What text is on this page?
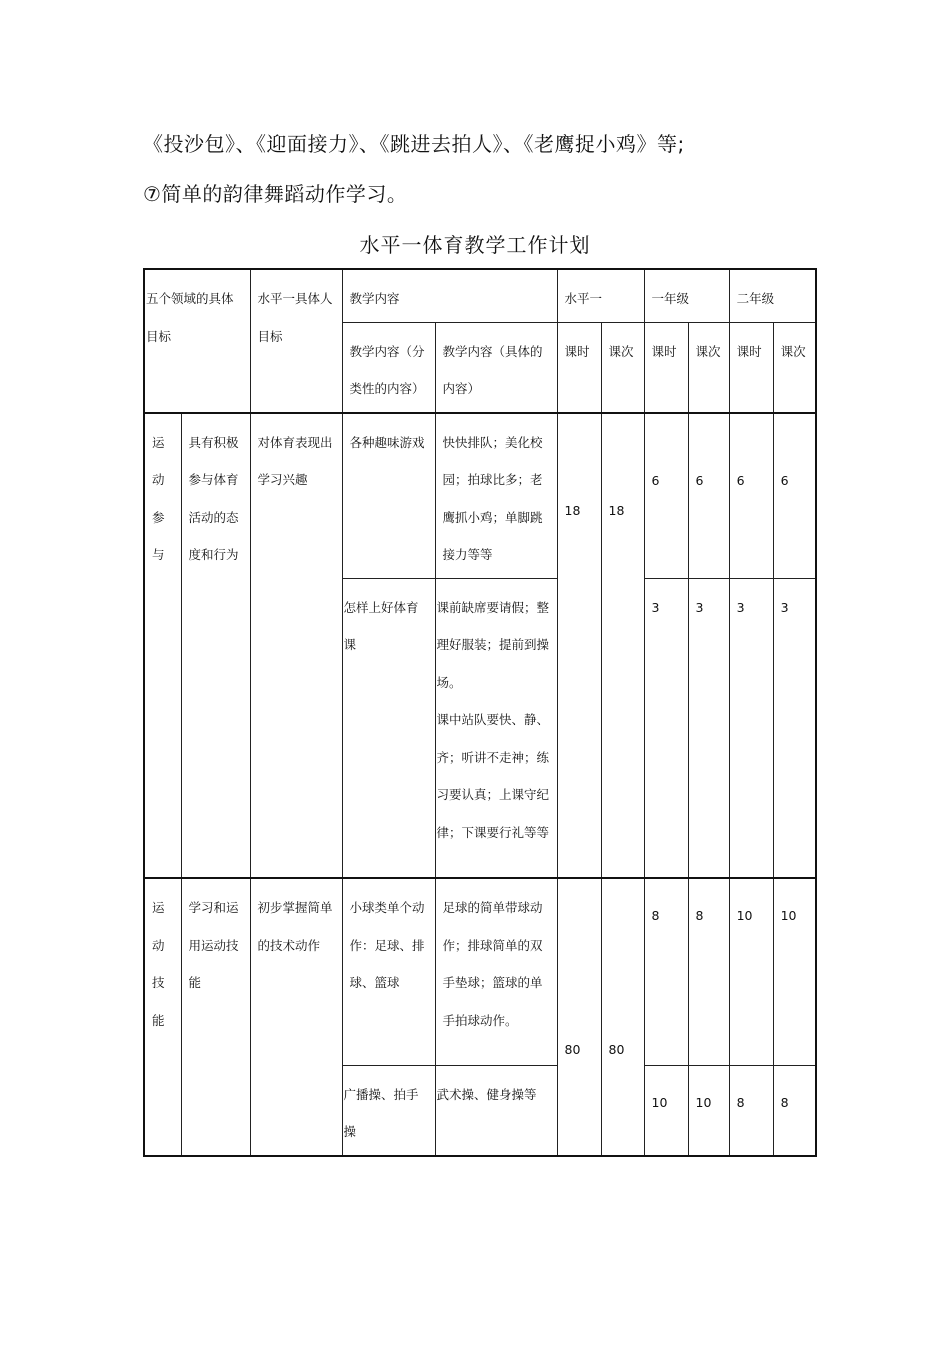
《投沙包》、《迎面接力》、《跳进去拍人》、《老鹰捉小鸡》等;
⑦简单的韵律舞蹈动作学习。
水平一体育教学工作计划
五个领域的具体目标		水平一具体人目标	教学内容		水平一		一年级		二年级	
			教学内容（分类性的内容）	教学内容（具体的内容）	课时	课次	课时	课次	课时	课次
运动参与	具有积极参与体育活动的态度和行为	对体育表现出学习兴趣	各种趣味游戏	快快排队；美化校园；拍球比多；老鹰抓小鸡；单脚跳接力等等	18	18	6	6	6	6
			怎样上好体育课	课前缺席要请假；整理好服装；提前到操场。
课中站队要快、静、齐；听讲不走神；练习要认真；上课守纪律；下课要行礼等等			3	3	3	3
运动技能	学习和运用运动技能	初步掌握简单的技术动作	小球类单个动作：足球、排球、篮球	足球的简单带球动作；排球简单的双手垫球；篮球的单手拍球动作。	80	80	8	8	10	10
			广播操、拍手操	武术操、健身操等			10	10	8	8
